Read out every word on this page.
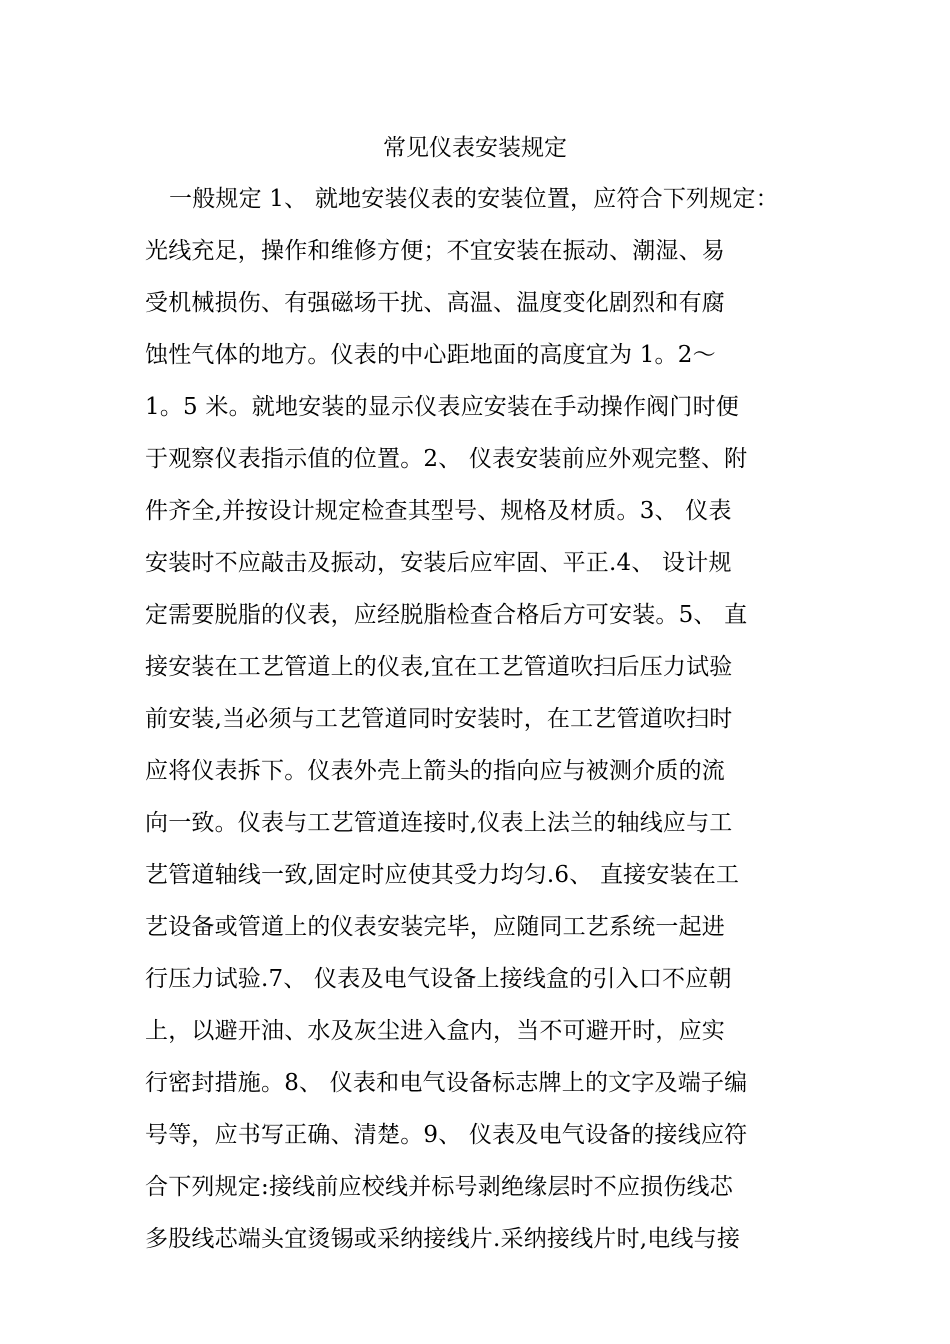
常见仪表安装规定
一般规定 1、 就地安装仪表的安装位置，应符合下列规定：
光线充足，操作和维修方便；不宜安装在振动、潮湿、易
受机械损伤、有强磁场干扰、高温、温度变化剧烈和有腐
蚀性气体的地方。仪表的中心距地面的高度宜为 1。2～
1。5 米。就地安装的显示仪表应安装在手动操作阀门时便
于观察仪表指示值的位置。2、 仪表安装前应外观完整、附
件齐全,并按设计规定检查其型号、规格及材质。3、 仪表
安装时不应敲击及振动，安装后应牢固、平正.4、 设计规
定需要脱脂的仪表，应经脱脂检查合格后方可安装。5、 直
接安装在工艺管道上的仪表,宜在工艺管道吹扫后压力试验
前安装,当必须与工艺管道同时安装时，在工艺管道吹扫时
应将仪表拆下。仪表外壳上箭头的指向应与被测介质的流
向一致。仪表与工艺管道连接时,仪表上法兰的轴线应与工
艺管道轴线一致,固定时应使其受力均匀.6、 直接安装在工
艺设备或管道上的仪表安装完毕，应随同工艺系统一起进
行压力试验.7、 仪表及电气设备上接线盒的引入口不应朝
上，以避开油、水及灰尘进入盒内，当不可避开时，应实
行密封措施。8、 仪表和电气设备标志牌上的文字及端子编
号等，应书写正确、清楚。9、 仪表及电气设备的接线应符
合下列规定:接线前应校线并标号剥绝缘层时不应损伤线芯
多股线芯端头宜烫锡或采纳接线片.采纳接线片时,电线与接
